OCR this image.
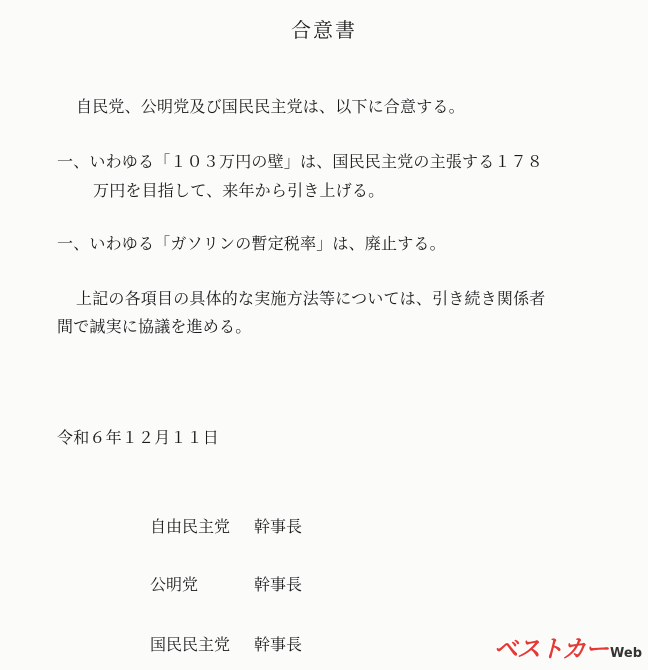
合意書
自民党、公明党及び国民民主党は、以下に合意する。
一、いわゆる「１０３万円の壁」は、国民民主党の主張する１７８
万円を目指して、来年から引き上げる。
一、いわゆる「ガソリンの暫定税率」は、廃止する。
上記の各項目の具体的な実施方法等については、引き続き関係者
間で誠実に協議を進める。
令和６年１２月１１日
自由民主党 幹事長
公明党	幹事長
国民民主党 幹事長	ベストカー Web
